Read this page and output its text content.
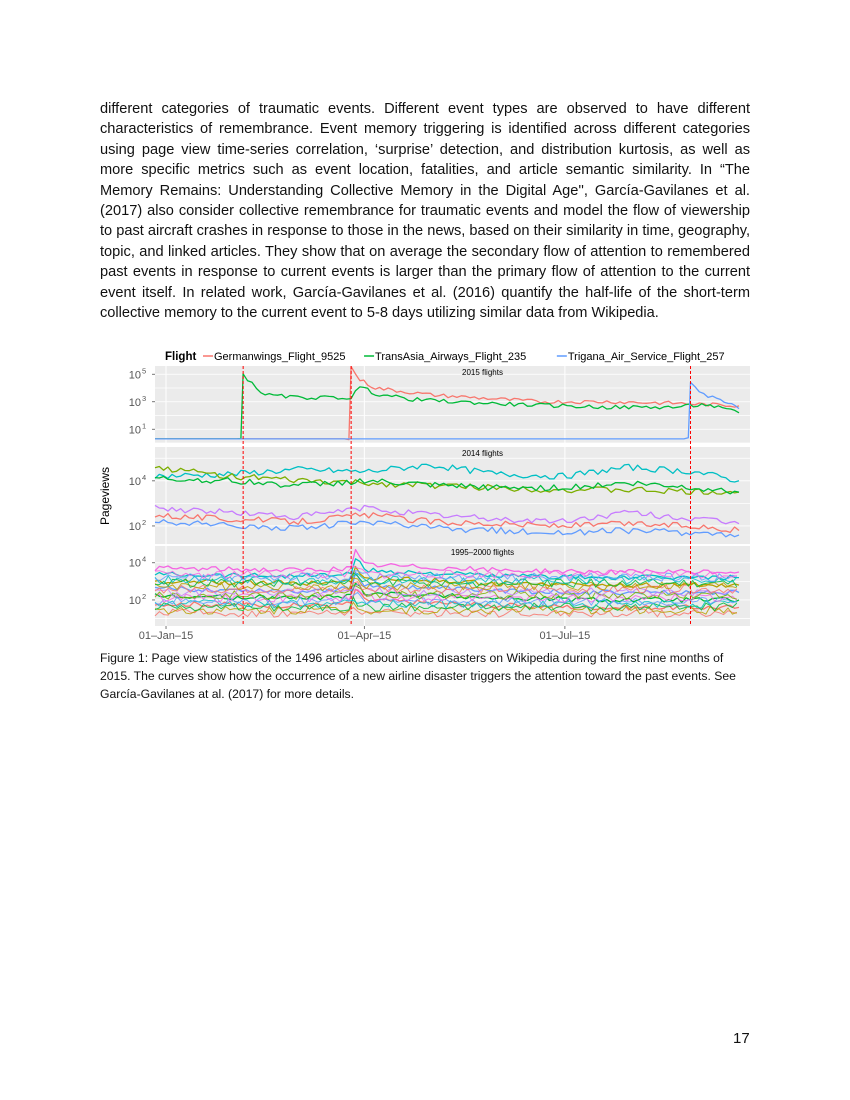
different categories of traumatic events. Different event types are observed to have different characteristics of remembrance. Event memory triggering is identified across different categories using page view time-series correlation, ‘surprise’ detection, and distribution kurtosis, as well as more specific metrics such as event location, fatalities, and article semantic similarity. In “The Memory Remains: Understanding Collective Memory in the Digital Age'', García-Gavilanes et al. (2017) also consider collective remembrance for traumatic events and model the flow of viewership to past aircraft crashes in response to those in the news, based on their similarity in time, geography, topic, and linked articles. They show that on average the secondary flow of attention to remembered past events in response to current events is larger than the primary flow of attention to the current event itself. In related work, García-Gavilanes et al. (2016) quantify the half-life of the short-term collective memory to the current event to 5-8 days utilizing similar data from Wikipedia.

Flight Germanwings_Flight_9525	TransAsia_Airways_Flight_235	Trigana_Air_Service_Flight_257
2015 flights
10 5
10 3
10 1
2014 flights
10 4
10 2
1995–2000 flights
10 4
10 2
01–Jan–15	01–Apr–15	01–Jul–15
Pageviews

Figure 1: Page view statistics of the 1496 articles about airline disasters on Wikipedia during the first nine months of 2015. The curves show how the occurrence of a new airline disaster triggers the attention toward the past events. See García-Gavilanes at al. (2017) for more details.

17
